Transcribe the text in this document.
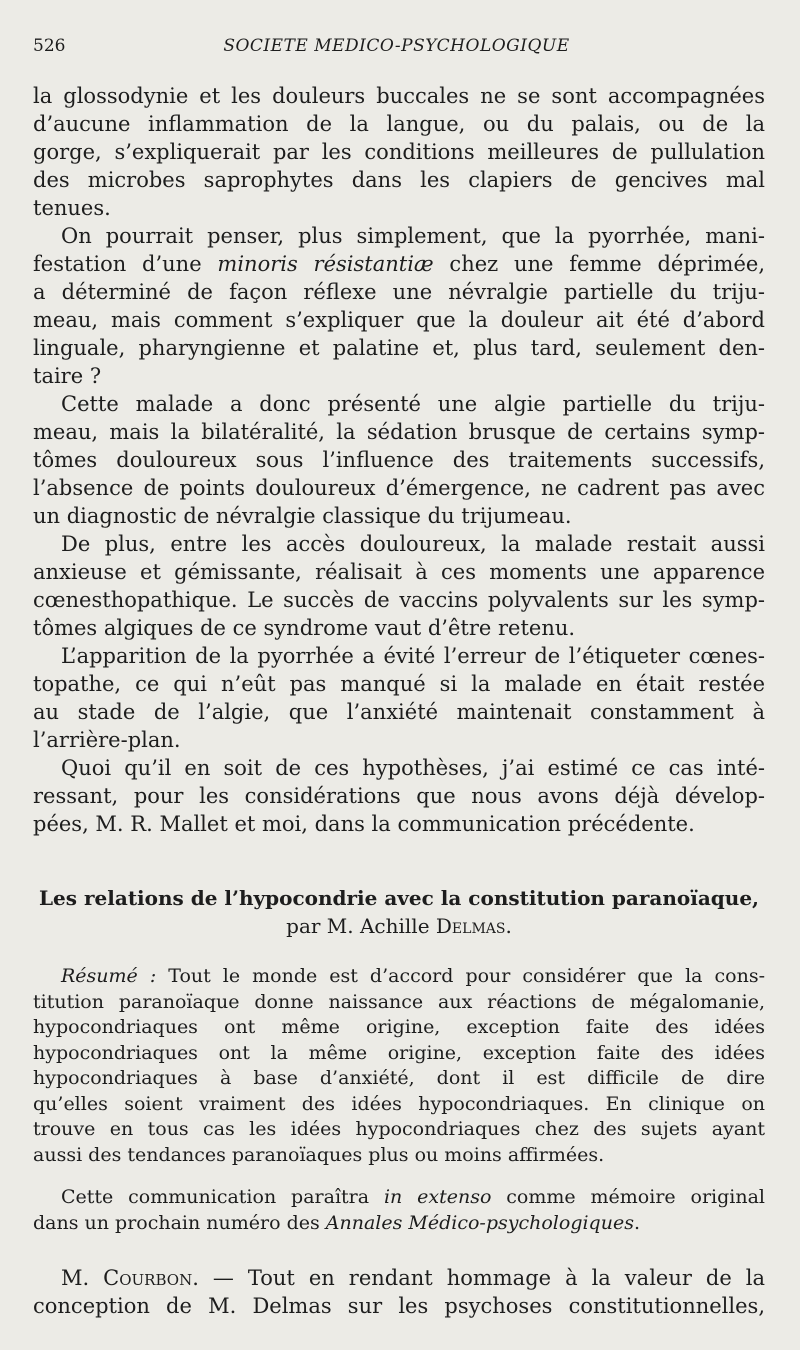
526	SOCIETE MEDICO-PSYCHOLOGIQUE
la glossodynie et les douleurs buccales ne se sont accompagnées
d’aucune inflammation de la langue, ou du palais, ou de la
gorge, s’expliquerait par les conditions meilleures de pullulation
des microbes saprophytes dans les clapiers de gencives mal
tenues.
On pourrait penser, plus simplement, que la pyorrhée, mani-
festation d’une minoris résistantiæ chez une femme déprimée,
a déterminé de façon réflexe une névralgie partielle du triju-
meau, mais comment s’expliquer que la douleur ait été d’abord
linguale, pharyngienne et palatine et, plus tard, seulement den-
taire ?
Cette malade a donc présenté une algie partielle du triju-
meau, mais la bilatéralité, la sédation brusque de certains symp-
tômes douloureux sous l’influence des traitements successifs,
l’absence de points douloureux d’émergence, ne cadrent pas avec
un diagnostic de névralgie classique du trijumeau.
De plus, entre les accès douloureux, la malade restait aussi
anxieuse et gémissante, réalisait à ces moments une apparence
cœnesthopathique. Le succès de vaccins polyvalents sur les symp-
tômes algiques de ce syndrome vaut d’être retenu.
L’apparition de la pyorrhée a évité l’erreur de l’étiqueter cœnes-
topathe, ce qui n’eût pas manqué si la malade en était restée
au stade de l’algie, que l’anxiété maintenait constamment à
l’arrière-plan.
Quoi qu’il en soit de ces hypothèses, j’ai estimé ce cas inté-
ressant, pour les considérations que nous avons déjà dévelop-
pées, M. R. Mallet et moi, dans la communication précédente.
Les relations de l’hypocondrie avec la constitution paranoïaque,
par M. Achille Delmas.
Résumé : Tout le monde est d’accord pour considérer que la cons-
titution paranoïaque donne naissance aux réactions de mégalomanie,
hypocondriaques ont même origine, exception faite des idées
hypocondriaques ont la même origine, exception faite des idées
hypocondriaques à base d’anxiété, dont il est difficile de dire
qu’elles soient vraiment des idées hypocondriaques. En clinique on
trouve en tous cas les idées hypocondriaques chez des sujets ayant
aussi des tendances paranoïaques plus ou moins affirmées.
Cette communication paraîtra in extenso comme mémoire original
dans un prochain numéro des Annales Médico-psychologiques.
M. Courbon. — Tout en rendant hommage à la valeur de la
conception de M. Delmas sur les psychoses constitutionnelles,
